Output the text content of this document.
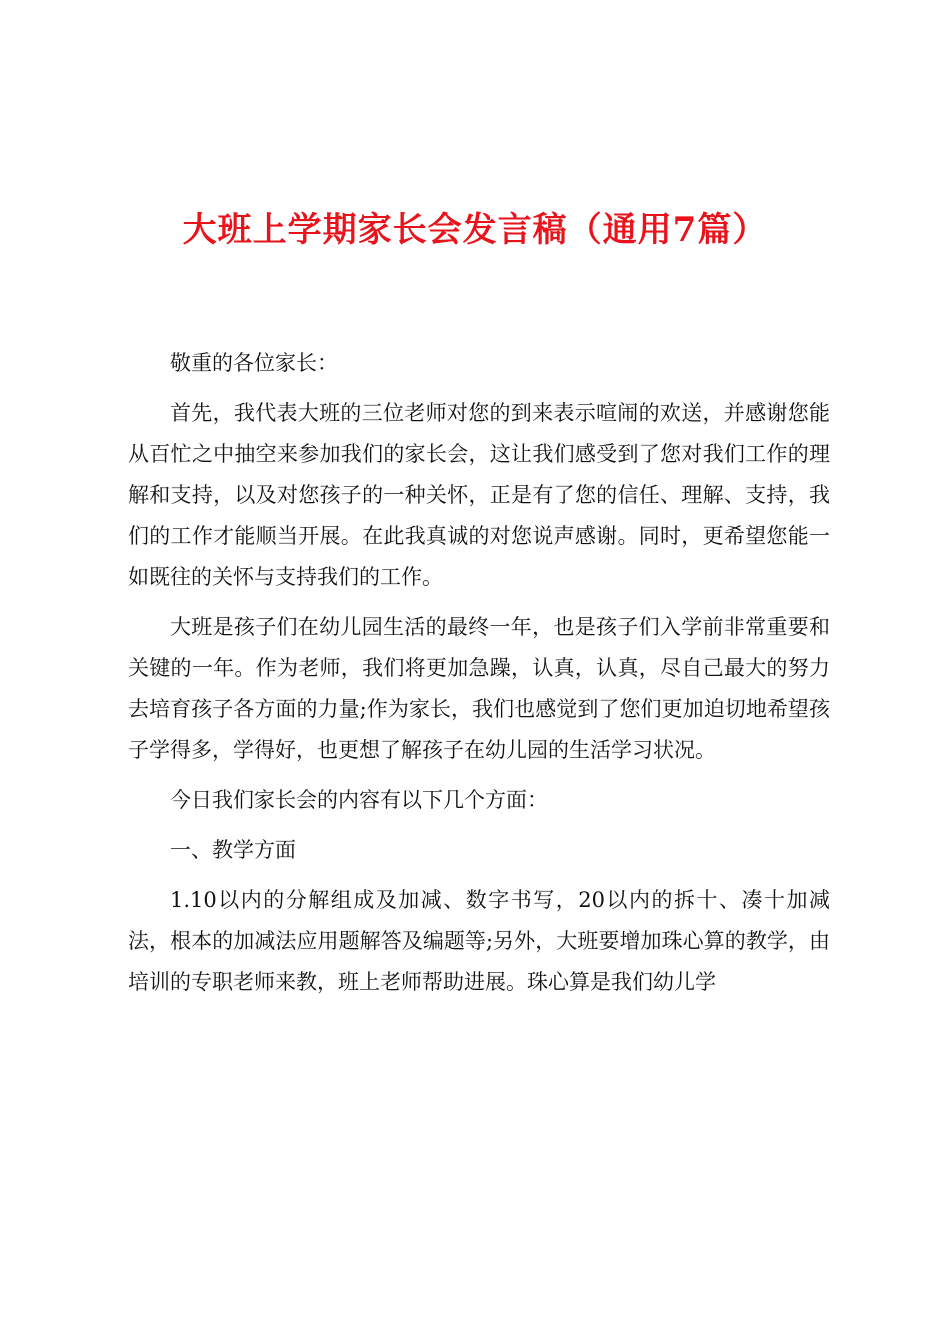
大班上学期家长会发言稿（通用7篇）

敬重的各位家长：

首先，我代表大班的三位老师对您的到来表示喧闹的欢送，并感谢您能从百忙之中抽空来参加我们的家长会，这让我们感受到了您对我们工作的理解和支持，以及对您孩子的一种关怀，正是有了您的信任、理解、支持，我们的工作才能顺当开展。在此我真诚的对您说声感谢。同时，更希望您能一如既往的关怀与支持我们的工作。

大班是孩子们在幼儿园生活的最终一年，也是孩子们入学前非常重要和关键的一年。作为老师，我们将更加急躁，认真，认真，尽自己最大的努力去培育孩子各方面的力量;作为家长，我们也感觉到了您们更加迫切地希望孩子学得多，学得好，也更想了解孩子在幼儿园的生活学习状况。

今日我们家长会的内容有以下几个方面：

一、教学方面

1.10以内的分解组成及加减、数字书写，20以内的拆十、凑十加减法，根本的加减法应用题解答及编题等;另外，大班要增加珠心算的教学，由培训的专职老师来教，班上老师帮助进展。珠心算是我们幼儿学
